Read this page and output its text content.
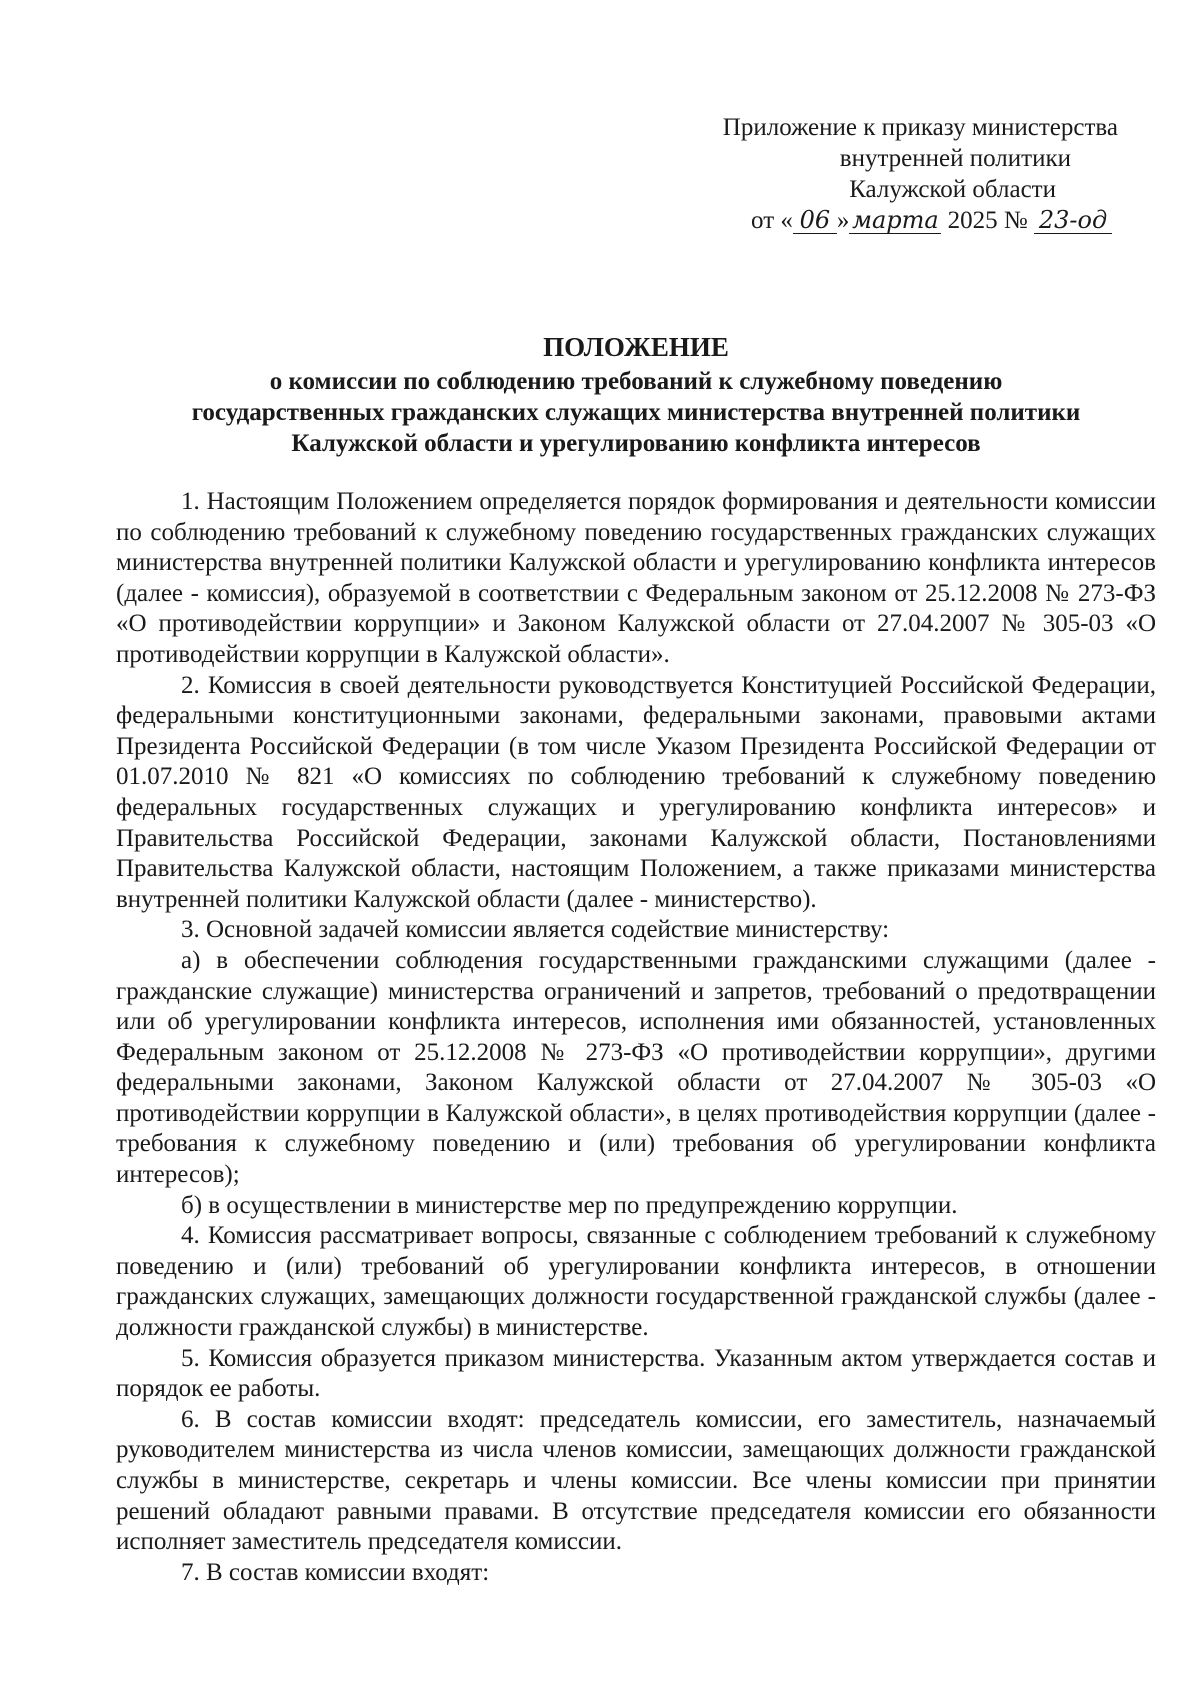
Приложение к приказу министерства
внутренней политики
Калужской области
от « 06 » марта 2025 № 23-од
ПОЛОЖЕНИЕ
о комиссии по соблюдению требований к служебному поведению
государственных гражданских служащих министерства внутренней политики
Калужской области и урегулированию конфликта интересов

1. Настоящим Положением определяется порядок формирования и деятельности комиссии по соблюдению требований к служебному поведению государственных гражданских служащих министерства внутренней политики Калужской области и урегулированию конфликта интересов (далее - комиссия), образуемой в соответствии с Федеральным законом от 25.12.2008 № 273-ФЗ «О противодействии коррупции» и Законом Калужской области от 27.04.2007 № 305-03 «О противодействии коррупции в Калужской области».

2. Комиссия в своей деятельности руководствуется Конституцией Российской Федерации, федеральными конституционными законами, федеральными законами, правовыми актами Президента Российской Федерации (в том числе Указом Президента Российской Федерации от 01.07.2010 № 821 «О комиссиях по соблюдению требований к служебному поведению федеральных государственных служащих и урегулированию конфликта интересов» и Правительства Российской Федерации, законами Калужской области, Постановлениями Правительства Калужской области, настоящим Положением, а также приказами министерства внутренней политики Калужской области (далее - министерство).

3. Основной задачей комиссии является содействие министерству:

а) в обеспечении соблюдения государственными гражданскими служащими (далее - гражданские служащие) министерства ограничений и запретов, требований о предотвращении или об урегулировании конфликта интересов, исполнения ими обязанностей, установленных Федеральным законом от 25.12.2008 № 273-ФЗ «О противодействии коррупции», другими федеральными законами, Законом Калужской области от 27.04.2007 № 305-03 «О противодействии коррупции в Калужской области», в целях противодействия коррупции (далее - требования к служебному поведению и (или) требования об урегулировании конфликта интересов);

б) в осуществлении в министерстве мер по предупреждению коррупции.

4. Комиссия рассматривает вопросы, связанные с соблюдением требований к служебному поведению и (или) требований об урегулировании конфликта интересов, в отношении гражданских служащих, замещающих должности государственной гражданской службы (далее - должности гражданской службы) в министерстве.

5. Комиссия образуется приказом министерства. Указанным актом утверждается состав и порядок ее работы.

6. В состав комиссии входят: председатель комиссии, его заместитель, назначаемый руководителем министерства из числа членов комиссии, замещающих должности гражданской службы в министерстве, секретарь и члены комиссии. Все члены комиссии при принятии решений обладают равными правами. В отсутствие председателя комиссии его обязанности исполняет заместитель председателя комиссии.

7. В состав комиссии входят:
